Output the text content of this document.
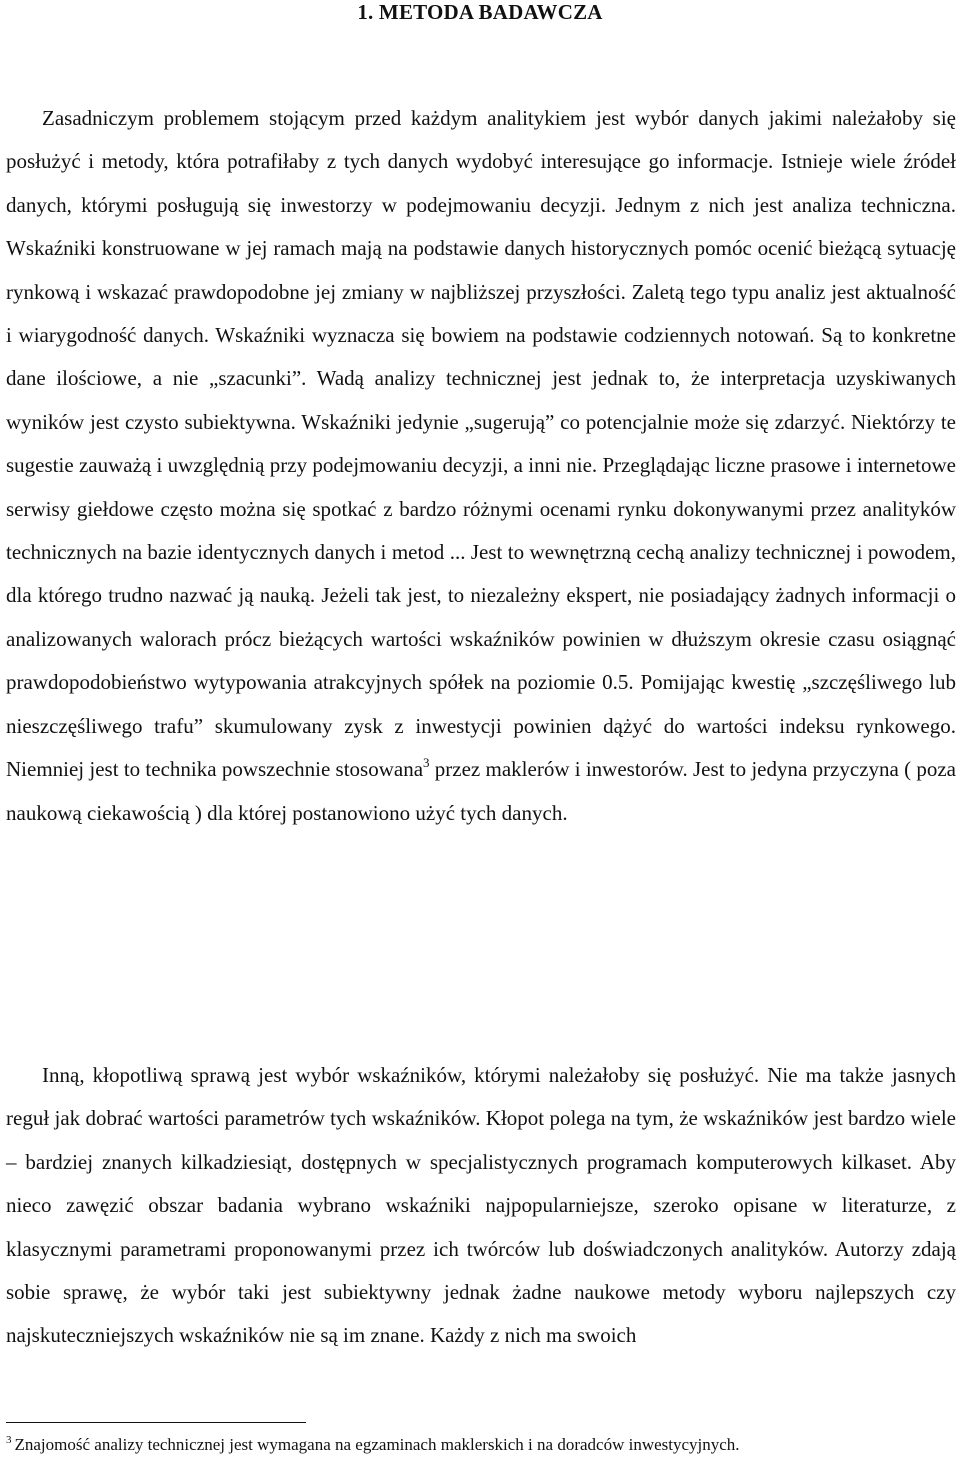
1. METODA BADAWCZA

Zasadniczym problemem stojącym przed każdym analitykiem jest wybór danych jakimi należałoby się posłużyć i metody, która potrafiłaby z tych danych wydobyć interesujące go informacje. Istnieje wiele źródeł danych, którymi posługują się inwestorzy w podejmowaniu decyzji. Jednym z nich jest analiza techniczna. Wskaźniki konstruowane w jej ramach mają na podstawie danych historycznych pomóc ocenić bieżącą sytuację rynkową i wskazać prawdopodobne jej zmiany w najbliższej przyszłości. Zaletą tego typu analiz jest aktualność i wiarygodność danych. Wskaźniki wyznacza się bowiem na podstawie codziennych notowań. Są to konkretne dane ilościowe, a nie „szacunki”. Wadą analizy technicznej jest jednak to, że interpretacja uzyskiwanych wyników jest czysto subiektywna. Wskaźniki jedynie „sugerują” co potencjalnie może się zdarzyć. Niektórzy te sugestie zauważą i uwzględnią przy podejmowaniu decyzji, a inni nie. Przeglądając liczne prasowe i internetowe serwisy giełdowe często można się spotkać z bardzo różnymi ocenami rynku dokonywanymi przez analityków technicznych na bazie identycznych danych i metod ... Jest to wewnętrzną cechą analizy technicznej i powodem, dla którego trudno nazwać ją nauką. Jeżeli tak jest, to niezależny ekspert, nie posiadający żadnych informacji o analizowanych walorach prócz bieżących wartości wskaźników powinien w dłuższym okresie czasu osiągnąć prawdopodobieństwo wytypowania atrakcyjnych spółek na poziomie 0.5. Pomijając kwestię „szczęśliwego lub nieszczęśliwego trafu” skumulowany zysk z inwestycji powinien dążyć do wartości indeksu rynkowego. Niemniej jest to technika powszechnie stosowana$^3$ przez maklerów i inwestorów. Jest to jedyna przyczyna ( poza naukową ciekawością ) dla której postanowiono użyć tych danych.

Inną, kłopotliwą sprawą jest wybór wskaźników, którymi należałoby się posłużyć. Nie ma także jasnych reguł jak dobrać wartości parametrów tych wskaźników. Kłopot polega na tym, że wskaźników jest bardzo wiele – bardziej znanych kilkadziesiąt, dostępnych w specjalistycznych programach komputerowych kilkaset. Aby nieco zawęzić obszar badania wybrano wskaźniki najpopularniejsze, szeroko opisane w literaturze, z klasycznymi parametrami proponowanymi przez ich twórców lub doświadczonych analityków. Autorzy zdają sobie sprawę, że wybór taki jest subiektywny jednak żadne naukowe metody wyboru najlepszych czy najskuteczniejszych wskaźników nie są im znane. Każdy z nich ma swoich

$^3$ Znajomość analizy technicznej jest wymagana na egzaminach maklerskich i na doradców inwestycyjnych.
